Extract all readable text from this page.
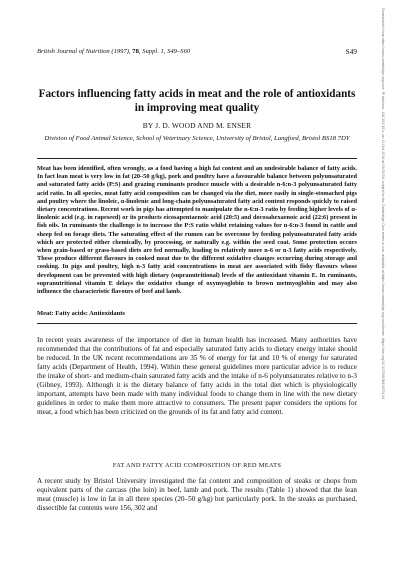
British Journal of Nutrition (1997), 78, Suppl. 1, S49–S60	S49
Factors influencing fatty acids in meat and the role of antioxidants in improving meat quality
BY J. D. WOOD AND M. ENSER
Division of Food Animal Science, School of Veterinary Science, University of Bristol, Langford, Bristol BS18 7DY

Meat has been identified, often wrongly, as a food having a high fat content and an undesirable balance of fatty acids. In fact lean meat is very low in fat (20–50 g/kg), pork and poultry have a favourable balance between polyunsaturated and saturated fatty acids (P:S) and grazing ruminants produce muscle with a desirable n-6:n-3 polyunsaturated fatty acid ratio. In all species, meat fatty acid composition can be changed via the diet, more easily in single-stomached pigs and poultry where the linoleic, α-linolenic and long-chain polyunsaturated fatty acid content responds quickly to raised dietary concentrations. Recent work in pigs has attempted to manipulate the n-6:n-3 ratio by feeding higher levels of α-linolenic acid (e.g. in rapeseed) or its products eicosapentaenoic acid (20:5) and docosahexaenoic acid (22:6) present in fish oils. In ruminants the challenge is to increase the P:S ratio whilst retaining values for n-6:n-3 found in cattle and sheep fed on forage diets. The saturating effect of the rumen can be overcome by feeding polyunsaturated fatty acids which are protected either chemically, by processing, or naturally e.g. within the seed coat. Some protection occurs when grain-based or grass-based diets are fed normally, leading to relatively more n-6 or n-3 fatty acids respectively. These produce different flavours in cooked meat due to the different oxidative changes occurring during storage and cooking. In pigs and poultry, high n-3 fatty acid concentrations in meat are associated with fishy flavours whose development can be prevented with high dietary (supranutritional) levels of the antioxidant vitamin E. In ruminants, supranutritional vitamin E delays the oxidative change of oxymyoglobin to brown metmyoglobin and may also influence the characteristic flavours of beef and lamb.

Meat: Fatty acids: Antioxidants

In recent years awareness of the importance of diet in human health has increased. Many authorities have recommended that the contributions of fat and especially saturated fatty acids to dietary energy intake should be reduced. In the UK recent recommendations are 35 % of energy for fat and 10 % of energy for saturated fatty acids (Department of Health, 1994). Within these general guidelines more particular advice is to reduce the intake of short- and medium-chain saturated fatty acids and the intake of n-6 polyunsaturates relative to n-3 (Gibney, 1993). Although it is the dietary balance of fatty acids in the total diet which is physiologically important, attempts have been made with many individual foods to change them in line with the new dietary guidelines in order to make them more attractive to consumers. The present paper considers the options for meat, a food which has been criticized on the grounds of its fat and fatty acid content.

FAT AND FATTY ACID COMPOSITION OF RED MEATS

A recent study by Bristol University investigated the fat content and composition of steaks or chops from equivalent parts of the carcass (the loin) in beef, lamb and pork. The results (Table 1) showed that the lean meat (muscle) is low in fat in all three species (20–50 g/kg) but particularly pork. In the steaks as purchased, dissectible fat contents were 156, 302 and

Downloaded from https://www.cambridge.org/core. IP address: 118.193.35.x, on 11 Oct 2018 at 09:35:54, subject to the Cambridge Core terms of use, available at https://www.cambridge.org/core/terms. https://doi.org/10.1079/BJN19970134
